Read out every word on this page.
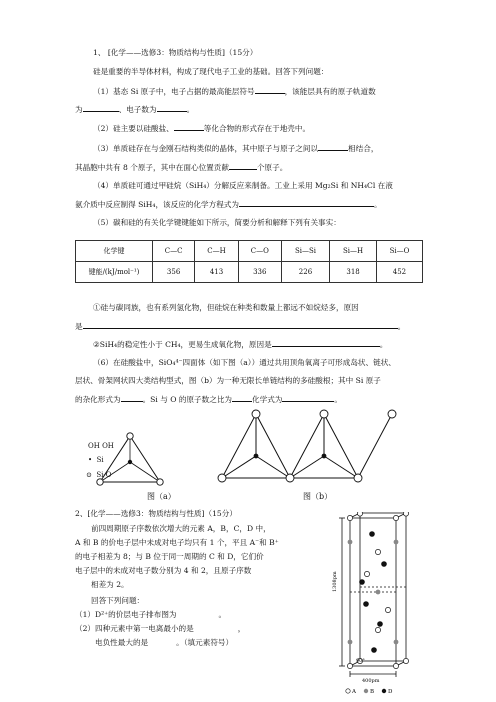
1、 [化学——选修3：物质结构与性质]（15分）
硅是重要的半导体材料，构成了现代电子工业的基础。回答下列问题：
（1）基态 Si 原子中，电子占据的最高能层符号	，该能层具有的原子轨道数
为	、电子数为	。
（2）硅主要以硅酸盐、	等化合物的形式存在于地壳中。
（3）单质硅存在与金刚石结构类似的晶体，其中原子与原子之间以	相结合，
其晶胞中共有 8 个原子，其中在面心位置贡献	个原子。
（4）单质硅可通过甲硅烷（SiH₄）分解反应来制备。工业上采用 Mg₂Si 和 NH₄Cl 在液
氨介质中反应制得 SiH₄，该反应的化学方程式为	。
（5）碳和硅的有关化学键键能如下所示，简要分析和解释下列有关事实：
化学键	C—C	C—H	C—O	Si—Si	Si—H	Si—O
键能/(kJ/mol⁻¹)	356	413	336	226	318	452
①硅与碳同族，也有系列氢化物，但硅烷在种类和数量上都远不如烷烃多，原因
是	。
②SiH₄的稳定性小于 CH₄，更易生成氧化物，原因是	。
（6）在硅酸盐中，SiO₄⁴⁻四面体（如下图（a））通过共用顶角氧离子可形成岛状、链状、
层状、骨架网状四大类结构型式，图（b）为一种无限长单链结构的多硅酸根；其中 Si 原子
的杂化形式为	。Si 与 O 的原子数之比为	化学式为	。
OH OH
• Si
⊙ Si-O
图（a）	图（b）
2、[化学——选修3：物质结构与性质]（15分）
前四周期原子序数依次增大的元素 A，B，C，D 中，
A 和 B 的价电子层中未成对电子均只有 1 个，平且 A⁻和 B⁺
的电子相差为 8；与 B 位于同一周期的 C 和 D，它们价
电子层中的未成对电子数分别为 4 和 2，且原子序数
相差为 2。
回答下列问题：
（1）D²⁺的价层电子排布图为	。
（2）四种元素中第一电离最小的是	，
电负性最大的是	。（填元素符号）
1308pm
90°
400pm
A	B	D
